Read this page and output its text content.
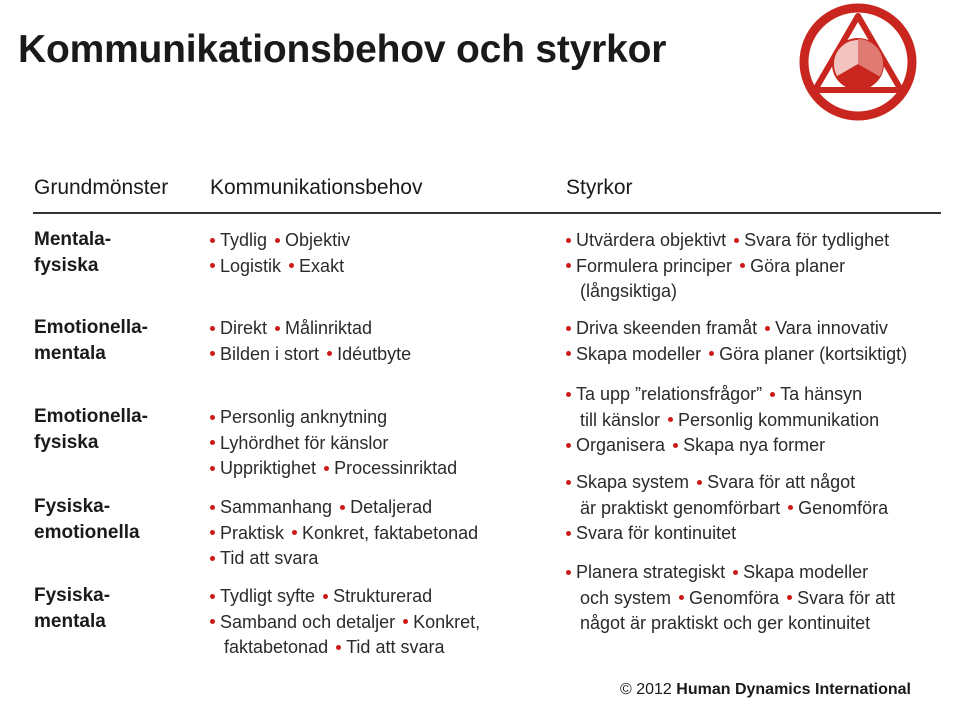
Kommunikationsbehov och styrkor
Grundmönster Kommunikationsbehov	Styrkor
Mentala-
fysiska
Emotionella-
mentala
Emotionella-
fysiska
Fysiska-
emotionella
Fysiska-
mentala
Tydlig Objektiv
Logistik Exakt
Direkt Målinriktad
Bilden i stort Idéutbyte
Personlig anknytning
Lyhördhet för känslor
Uppriktighet Processinriktad
Sammanhang Detaljerad
Praktisk Konkret, faktabetonad
Tid att svara
Tydligt syfte Strukturerad
Samband och detaljer Konkret,
faktabetonad Tid att svara
Utvärdera objektivt Svara för tydlighet
Formulera principer Göra planer
(långsiktiga)
Driva skeenden framåt Vara innovativ
Skapa modeller Göra planer (kortsiktigt)
Ta upp ”relationsfrågor” Ta hänsyn
till känslor Personlig kommunikation
Organisera Skapa nya former
Skapa system Svara för att något
är praktiskt genomförbart Genomföra
Svara för kontinuitet
Planera strategiskt Skapa modeller
och system Genomföra Svara för att
något är praktiskt och ger kontinuitet
© 2012 Human Dynamics International
